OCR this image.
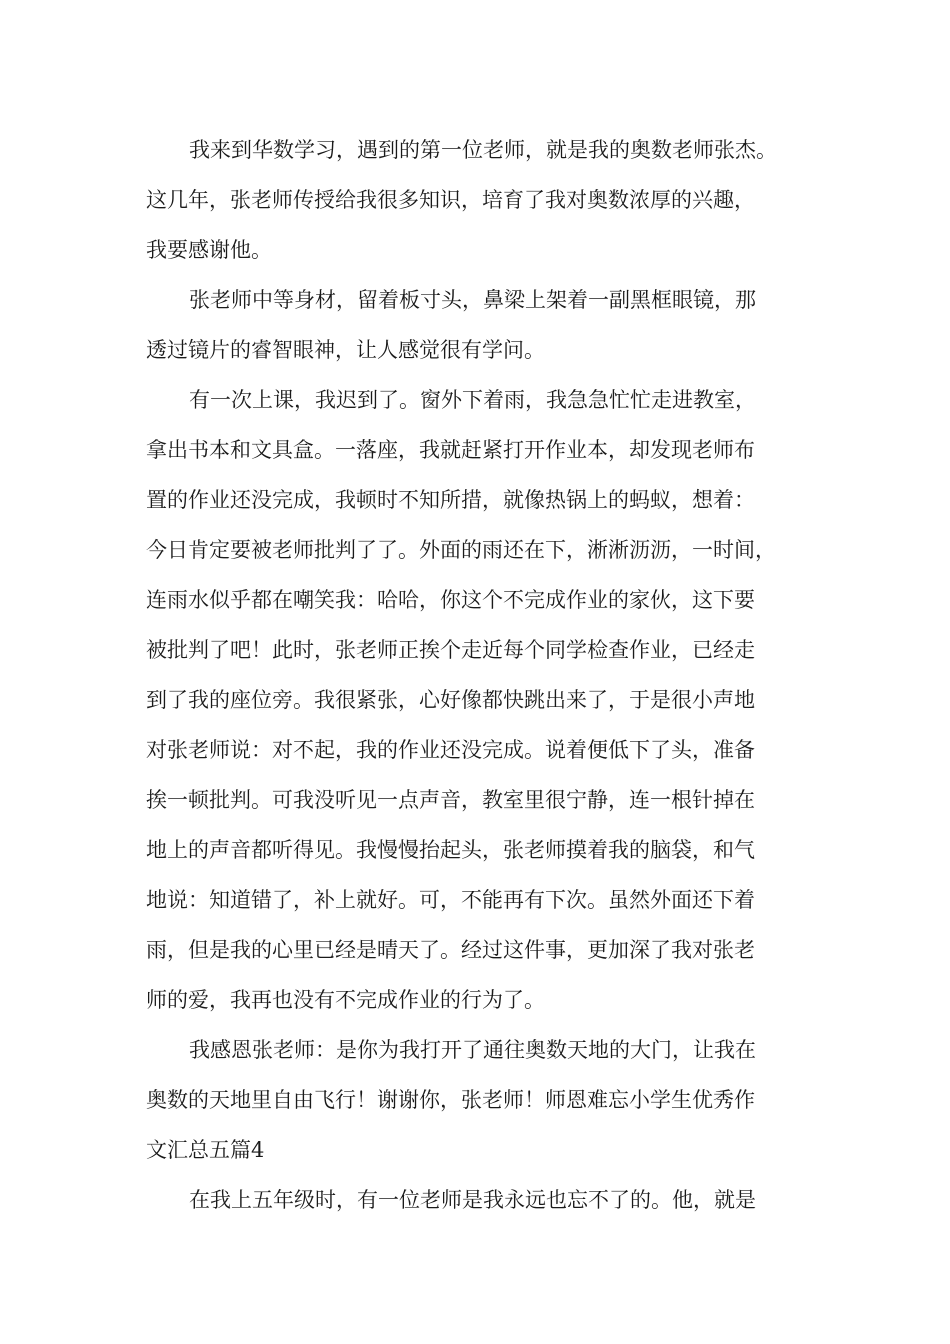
我来到华数学习，遇到的第一位老师，就是我的奥数老师张杰。

这几年，张老师传授给我很多知识，培育了我对奥数浓厚的兴趣，

我要感谢他。

张老师中等身材，留着板寸头，鼻梁上架着一副黑框眼镜，那

透过镜片的睿智眼神，让人感觉很有学问。

有一次上课，我迟到了。窗外下着雨，我急急忙忙走进教室，

拿出书本和文具盒。一落座，我就赶紧打开作业本，却发现老师布

置的作业还没完成，我顿时不知所措，就像热锅上的蚂蚁，想着：

今日肯定要被老师批判了了。外面的雨还在下，淅淅沥沥，一时间，

连雨水似乎都在嘲笑我：哈哈，你这个不完成作业的家伙，这下要

被批判了吧！此时，张老师正挨个走近每个同学检查作业，已经走

到了我的座位旁。我很紧张，心好像都快跳出来了，于是很小声地

对张老师说：对不起，我的作业还没完成。说着便低下了头，准备

挨一顿批判。可我没听见一点声音，教室里很宁静，连一根针掉在

地上的声音都听得见。我慢慢抬起头，张老师摸着我的脑袋，和气

地说：知道错了，补上就好。可，不能再有下次。虽然外面还下着

雨，但是我的心里已经是晴天了。经过这件事，更加深了我对张老

师的爱，我再也没有不完成作业的行为了。

我感恩张老师：是你为我打开了通往奥数天地的大门，让我在

奥数的天地里自由飞行！谢谢你，张老师！师恩难忘小学生优秀作

文汇总五篇4

在我上五年级时，有一位老师是我永远也忘不了的。他，就是
